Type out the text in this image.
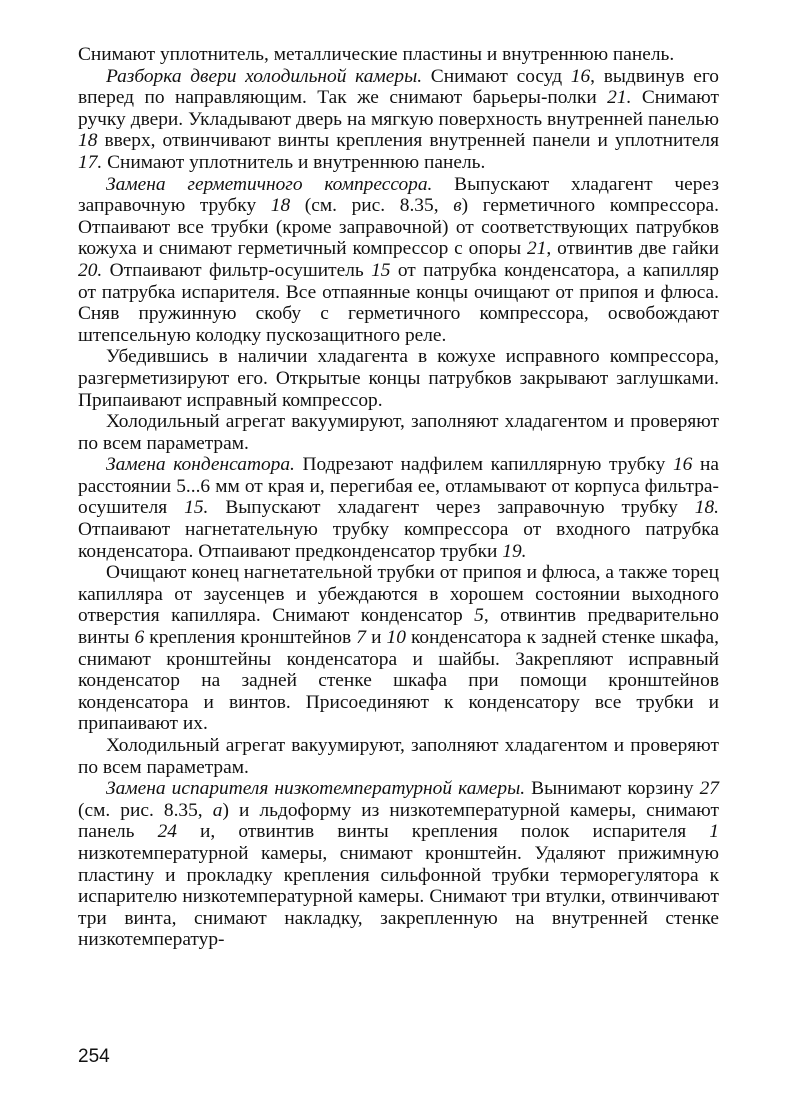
Снимают уплотнитель, металлические пластины и внутреннюю панель.

Разборка двери холодильной камеры. Снимают сосуд 16, выдвинув его вперед по направляющим. Так же снимают барьеры-полки 21. Снимают ручку двери. Укладывают дверь на мягкую поверхность внутренней панелью 18 вверх, отвинчивают винты крепления внутренней панели и уплотнителя 17. Снимают уплотнитель и внутреннюю панель.

Замена герметичного компрессора. Выпускают хладагент через заправочную трубку 18 (см. рис. 8.35, в) герметичного компрессора. Отпаивают все трубки (кроме заправочной) от соответствующих патрубков кожуха и снимают герметичный компрессор с опоры 21, отвинтив две гайки 20. Отпаивают фильтр-осушитель 15 от патрубка конденсатора, а капилляр от патрубка испарителя. Все отпаянные концы очищают от припоя и флюса. Сняв пружинную скобу с герметичного компрессора, освобождают штепсельную колодку пускозащитного реле.

Убедившись в наличии хладагента в кожухе исправного компрессора, разгерметизируют его. Открытые концы патрубков закрывают заглушками. Припаивают исправный компрессор.

Холодильный агрегат вакуумируют, заполняют хладагентом и проверяют по всем параметрам.

Замена конденсатора. Подрезают надфилем капиллярную трубку 16 на расстоянии 5...6 мм от края и, перегибая ее, отламывают от корпуса фильтра-осушителя 15. Выпускают хладагент через заправочную трубку 18. Отпаивают нагнетательную трубку компрессора от входного патрубка конденсатора. Отпаивают предконденсатор трубки 19.

Очищают конец нагнетательной трубки от припоя и флюса, а также торец капилляра от заусенцев и убеждаются в хорошем состоянии выходного отверстия капилляра. Снимают конденсатор 5, отвинтив предварительно винты 6 крепления кронштейнов 7 и 10 конденсатора к задней стенке шкафа, снимают кронштейны конденсатора и шайбы. Закрепляют исправный конденсатор на задней стенке шкафа при помощи кронштейнов конденсатора и винтов. Присоединяют к конденсатору все трубки и припаивают их.

Холодильный агрегат вакуумируют, заполняют хладагентом и проверяют по всем параметрам.

Замена испарителя низкотемпературной камеры. Вынимают корзину 27 (см. рис. 8.35, а) и льдоформу из низкотемпературной камеры, снимают панель 24 и, отвинтив винты крепления полок испарителя 1 низкотемпературной камеры, снимают кронштейн. Удаляют прижимную пластину и прокладку крепления сильфонной трубки терморегулятора к испарителю низкотемпературной камеры. Снимают три втулки, отвинчивают три винта, снимают накладку, закрепленную на внутренней стенке низкотемператур-

254
